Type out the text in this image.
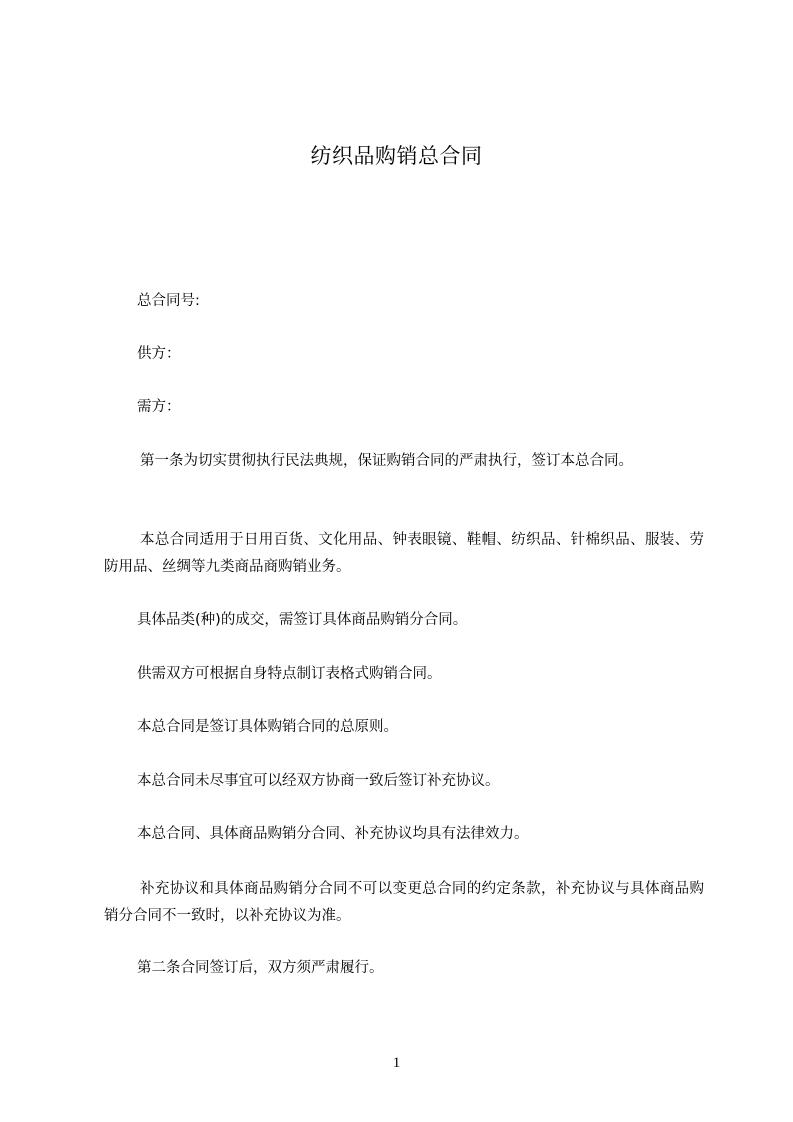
纺织品购销总合同
总合同号:
供方：
需方：
第一条为切实贯彻执行民法典规，保证购销合同的严肃执行，签订本总合同。
本总合同适用于日用百货、文化用品、钟表眼镜、鞋帽、纺织品、针棉织品、服装、劳防用品、丝绸等九类商品商购销业务。
具体品类(种)的成交，需签订具体商品购销分合同。
供需双方可根据自身特点制订表格式购销合同。
本总合同是签订具体购销合同的总原则。
本总合同未尽事宜可以经双方协商一致后签订补充协议。
本总合同、具体商品购销分合同、补充协议均具有法律效力。
补充协议和具体商品购销分合同不可以变更总合同的约定条款，补充协议与具体商品购销分合同不一致时，以补充协议为准。
第二条合同签订后，双方须严肃履行。
1
